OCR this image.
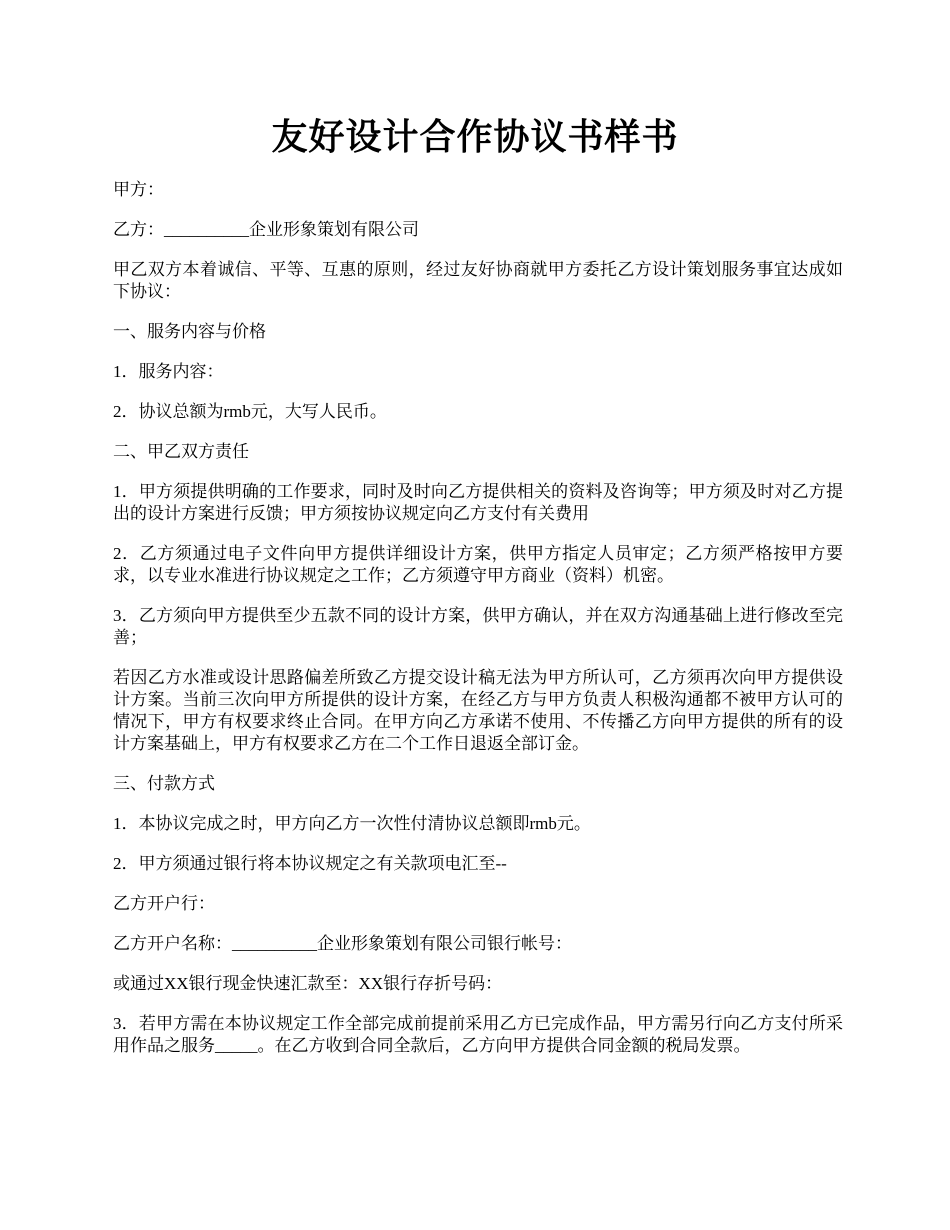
友好设计合作协议书样书

甲方：

乙方：__________企业形象策划有限公司

甲乙双方本着诚信、平等、互惠的原则，经过友好协商就甲方委托乙方设计策划服务事宜达成如下协议：

一、服务内容与价格

1．服务内容：

2．协议总额为rmb元，大写人民币。

二、甲乙双方责任

1．甲方须提供明确的工作要求，同时及时向乙方提供相关的资料及咨询等；甲方须及时对乙方提出的设计方案进行反馈；甲方须按协议规定向乙方支付有关费用

2．乙方须通过电子文件向甲方提供详细设计方案，供甲方指定人员审定；乙方须严格按甲方要求，以专业水准进行协议规定之工作；乙方须遵守甲方商业（资料）机密。

3．乙方须向甲方提供至少五款不同的设计方案，供甲方确认，并在双方沟通基础上进行修改至完善；

若因乙方水准或设计思路偏差所致乙方提交设计稿无法为甲方所认可，乙方须再次向甲方提供设计方案。当前三次向甲方所提供的设计方案，在经乙方与甲方负责人积极沟通都不被甲方认可的情况下，甲方有权要求终止合同。在甲方向乙方承诺不使用、不传播乙方向甲方提供的所有的设计方案基础上，甲方有权要求乙方在二个工作日退返全部订金。

三、付款方式

1．本协议完成之时，甲方向乙方一次性付清协议总额即rmb元。

2．甲方须通过银行将本协议规定之有关款项电汇至--

乙方开户行：

乙方开户名称：__________企业形象策划有限公司银行帐号：

或通过XX银行现金快速汇款至：XX银行存折号码：

3．若甲方需在本协议规定工作全部完成前提前采用乙方已完成作品，甲方需另行向乙方支付所采用作品之服务_____。在乙方收到合同全款后，乙方向甲方提供合同金额的税局发票。
